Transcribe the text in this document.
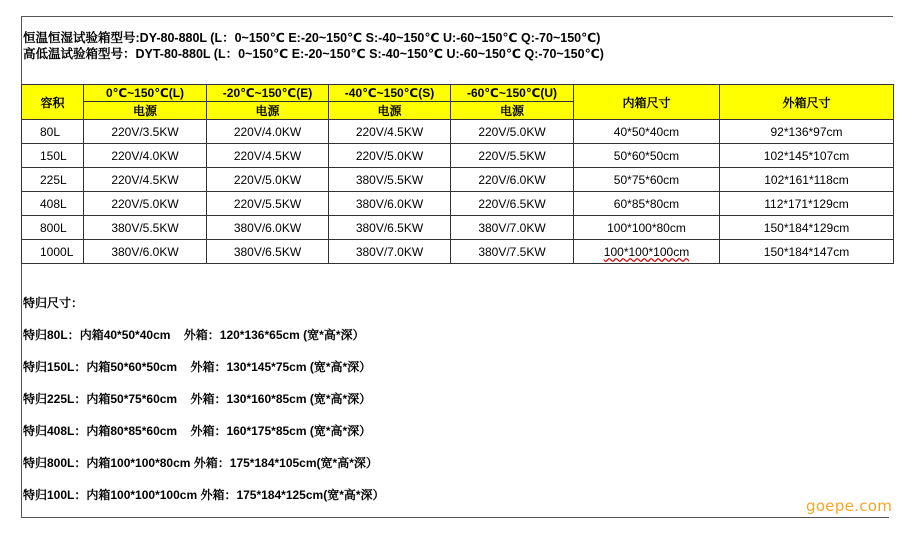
恒温恒湿试验箱型号:DY-80-880L (L：0~150℃ E:-20~150℃ S:-40~150℃ U:-60~150℃ Q:-70~150℃)
高低温试验箱型号：DYT-80-880L (L：0~150℃ E:-20~150℃ S:-40~150℃ U:-60~150℃ Q:-70~150℃)
容积	0℃~150℃(L)	-20℃~150℃(E)	-40℃~150℃(S)	-60℃~150℃(U)	内箱尺寸	外箱尺寸
	电源	电源	电源	电源		
80L	220V/3.5KW	220V/4.0KW	220V/4.5KW	220V/5.0KW	40*50*40cm	92*136*97cm
150L	220V/4.0KW	220V/4.5KW	220V/5.0KW	220V/5.5KW	50*60*50cm	102*145*107cm
225L	220V/4.5KW	220V/5.0KW	380V/5.5KW	220V/6.0KW	50*75*60cm	102*161*118cm
408L	220V/5.0KW	220V/5.5KW	380V/6.0KW	220V/6.5KW	60*85*80cm	112*171*129cm
800L	380V/5.5KW	380V/6.0KW	380V/6.5KW	380V/7.0KW	100*100*80cm	150*184*129cm
1000L	380V/6.0KW	380V/6.5KW	380V/7.0KW	380V/7.5KW	100*100*100cm	150*184*147cm
特归尺寸：
特归80L：内箱40*50*40cm 外箱：120*136*65cm (宽*高*深）
特归150L：内箱50*60*50cm 外箱：130*145*75cm (宽*高*深）
特归225L：内箱50*75*60cm 外箱：130*160*85cm (宽*高*深）
特归408L：内箱80*85*60cm 外箱：160*175*85cm (宽*高*深）
特归800L：内箱100*100*80cm 外箱：175*184*105cm(宽*高*深）
特归100L：内箱100*100*100cm 外箱：175*184*125cm(宽*高*深）
goepe.com
